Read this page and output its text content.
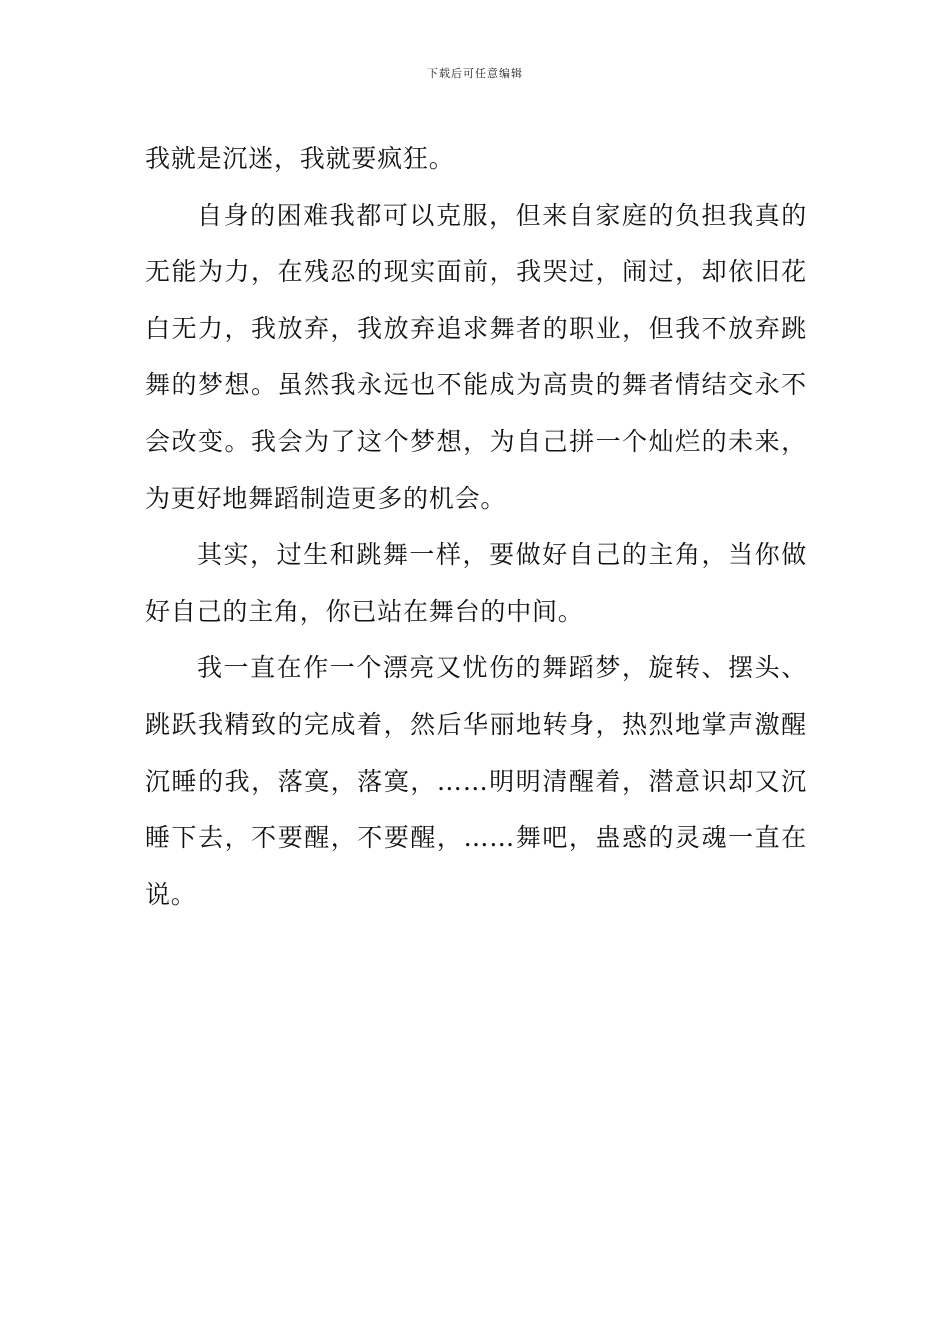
下载后可任意编辑

我就是沉迷，我就要疯狂。

自身的困难我都可以克服，但来自家庭的负担我真的无能为力，在残忍的现实面前，我哭过，闹过，却依旧花白无力，我放弃，我放弃追求舞者的职业，但我不放弃跳舞的梦想。虽然我永远也不能成为高贵的舞者情结交永不会改变。我会为了这个梦想，为自己拼一个灿烂的未来，为更好地舞蹈制造更多的机会。

其实，过生和跳舞一样，要做好自己的主角，当你做好自己的主角，你已站在舞台的中间。

我一直在作一个漂亮又忧伤的舞蹈梦，旋转、摆头、跳跃我精致的完成着，然后华丽地转身，热烈地掌声激醒沉睡的我，落寞，落寞，……明明清醒着，潜意识却又沉睡下去，不要醒，不要醒，……舞吧，蛊惑的灵魂一直在说。
